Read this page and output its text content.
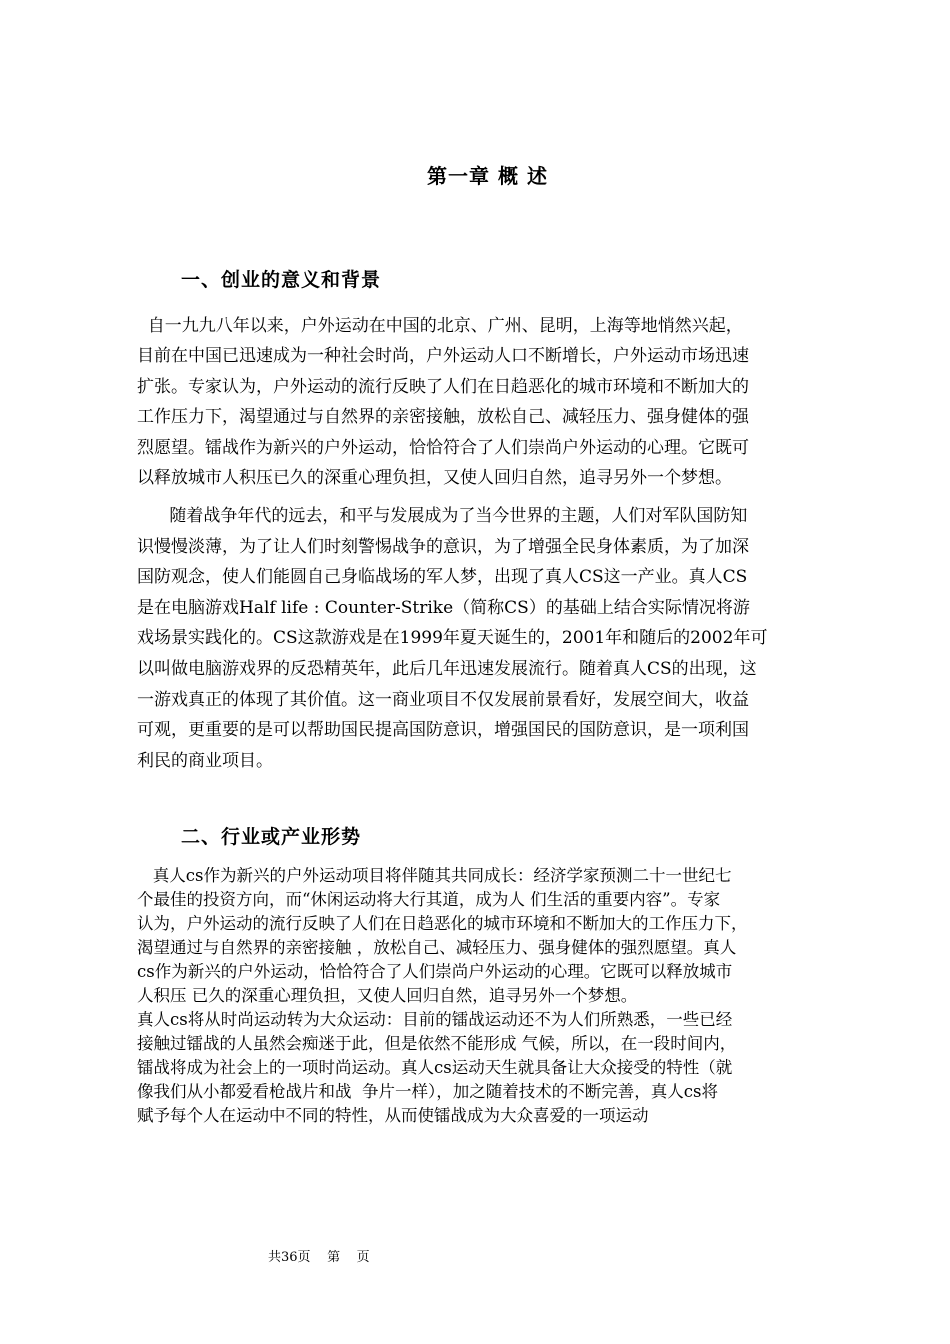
第一章 概 述
一、创业的意义和背景
自一九九八年以来，户外运动在中国的北京、广州、昆明，上海等地悄然兴起，
目前在中国已迅速成为一种社会时尚，户外运动人口不断增长，户外运动市场迅速
扩张。专家认为，户外运动的流行反映了人们在日趋恶化的城市环境和不断加大的
工作压力下，渴望通过与自然界的亲密接触，放松自己、减轻压力、强身健体的强
烈愿望。镭战作为新兴的户外运动，恰恰符合了人们崇尚户外运动的心理。它既可
以释放城市人积压已久的深重心理负担，又使人回归自然，追寻另外一个梦想。
随着战争年代的远去，和平与发展成为了当今世界的主题，人们对军队国防知
识慢慢淡薄，为了让人们时刻警惕战争的意识，为了增强全民身体素质，为了加深
国防观念，使人们能圆自己身临战场的军人梦，出现了真人CS这一产业。真人CS
是在电脑游戏Half life : Counter-Strike（简称CS）的基础上结合实际情况将游
戏场景实践化的。CS这款游戏是在1999年夏天诞生的，2001年和随后的2002年可
以叫做电脑游戏界的反恐精英年，此后几年迅速发展流行。随着真人CS的出现，这
一游戏真正的体现了其价值。这一商业项目不仅发展前景看好，发展空间大，收益
可观，更重要的是可以帮助国民提高国防意识，增强国民的国防意识，是一项利国
利民的商业项目。
二、行业或产业形势
真人cs作为新兴的户外运动项目将伴随其共同成长：经济学家预测二十一世纪七
个最佳的投资方向，而“休闲运动将大行其道，成为人 们生活的重要内容”。专家
认为，户外运动的流行反映了人们在日趋恶化的城市环境和不断加大的工作压力下，
渴望通过与自然界的亲密接触 ，放松自己、减轻压力、强身健体的强烈愿望。真人
cs作为新兴的户外运动，恰恰符合了人们崇尚户外运动的心理。它既可以释放城市
人积压 已久的深重心理负担，又使人回归自然，追寻另外一个梦想。
真人cs将从时尚运动转为大众运动：目前的镭战运动还不为人们所熟悉，一些已经
接触过镭战的人虽然会痴迷于此，但是依然不能形成 气候，所以，在一段时间内，
镭战将成为社会上的一项时尚运动。真人cs运动天生就具备让大众接受的特性（就
像我们从小都爱看枪战片和战  争片一样），加之随着技术的不断完善，真人cs将
赋予每个人在运动中不同的特性，从而使镭战成为大众喜爱的一项运动
共36页    第    页
